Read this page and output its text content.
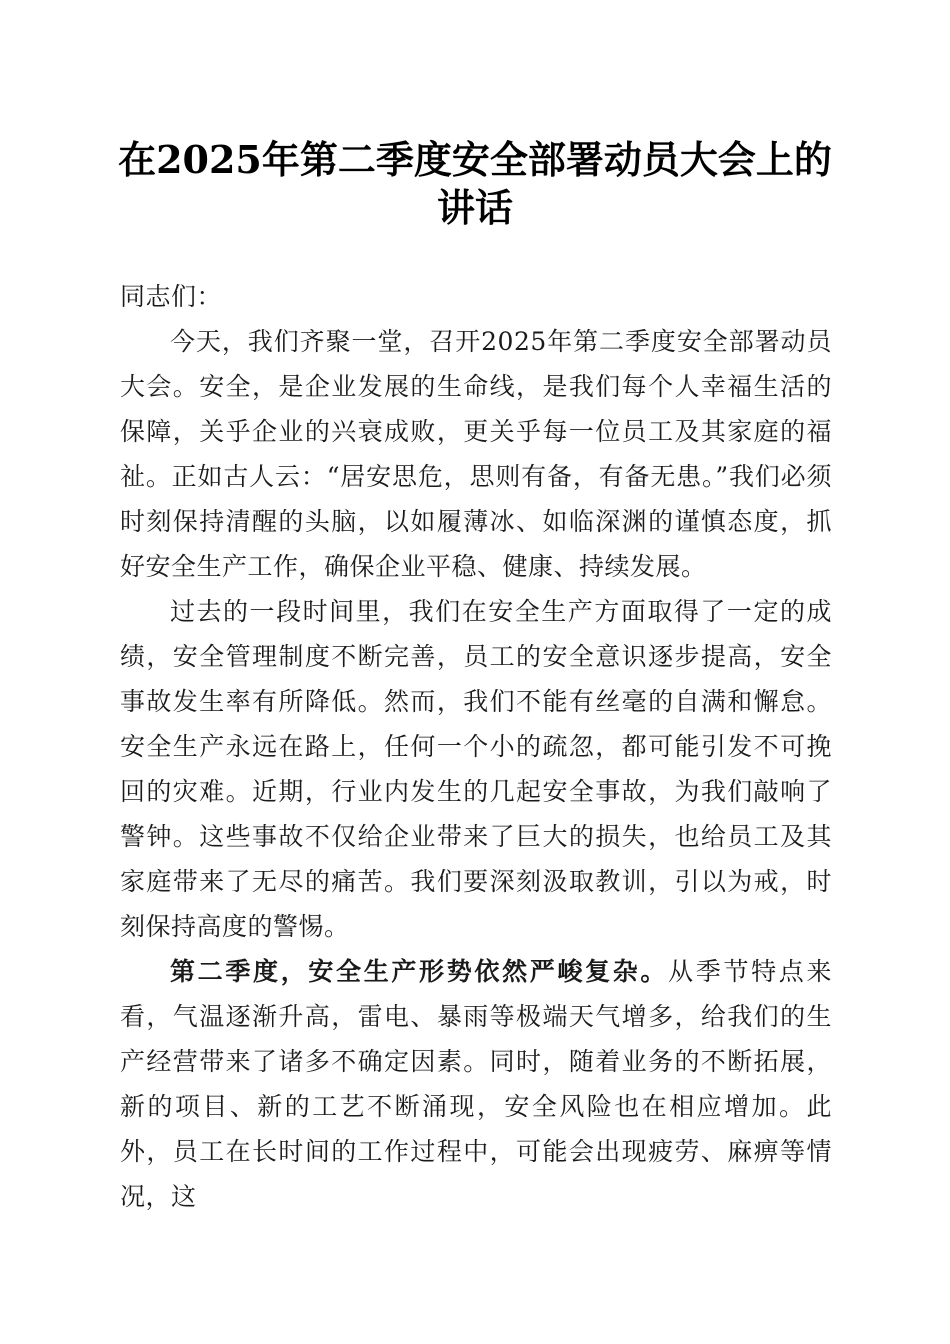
在2025年第二季度安全部署动员大会上的讲话

同志们：

今天，我们齐聚一堂，召开2025年第二季度安全部署动员大会。安全，是企业发展的生命线，是我们每个人幸福生活的保障，关乎企业的兴衰成败，更关乎每一位员工及其家庭的福祉。正如古人云：“居安思危，思则有备，有备无患。”我们必须时刻保持清醒的头脑，以如履薄冰、如临深渊的谨慎态度，抓好安全生产工作，确保企业平稳、健康、持续发展。

过去的一段时间里，我们在安全生产方面取得了一定的成绩，安全管理制度不断完善，员工的安全意识逐步提高，安全事故发生率有所降低。然而，我们不能有丝毫的自满和懈怠。安全生产永远在路上，任何一个小的疏忽，都可能引发不可挽回的灾难。近期，行业内发生的几起安全事故，为我们敲响了警钟。这些事故不仅给企业带来了巨大的损失，也给员工及其家庭带来了无尽的痛苦。我们要深刻汲取教训，引以为戒，时刻保持高度的警惕。

第二季度，安全生产形势依然严峻复杂。从季节特点来看，气温逐渐升高，雷电、暴雨等极端天气增多，给我们的生产经营带来了诸多不确定因素。同时，随着业务的不断拓展，新的项目、新的工艺不断涌现，安全风险也在相应增加。此外，员工在长时间的工作过程中，可能会出现疲劳、麻痹等情况，这
